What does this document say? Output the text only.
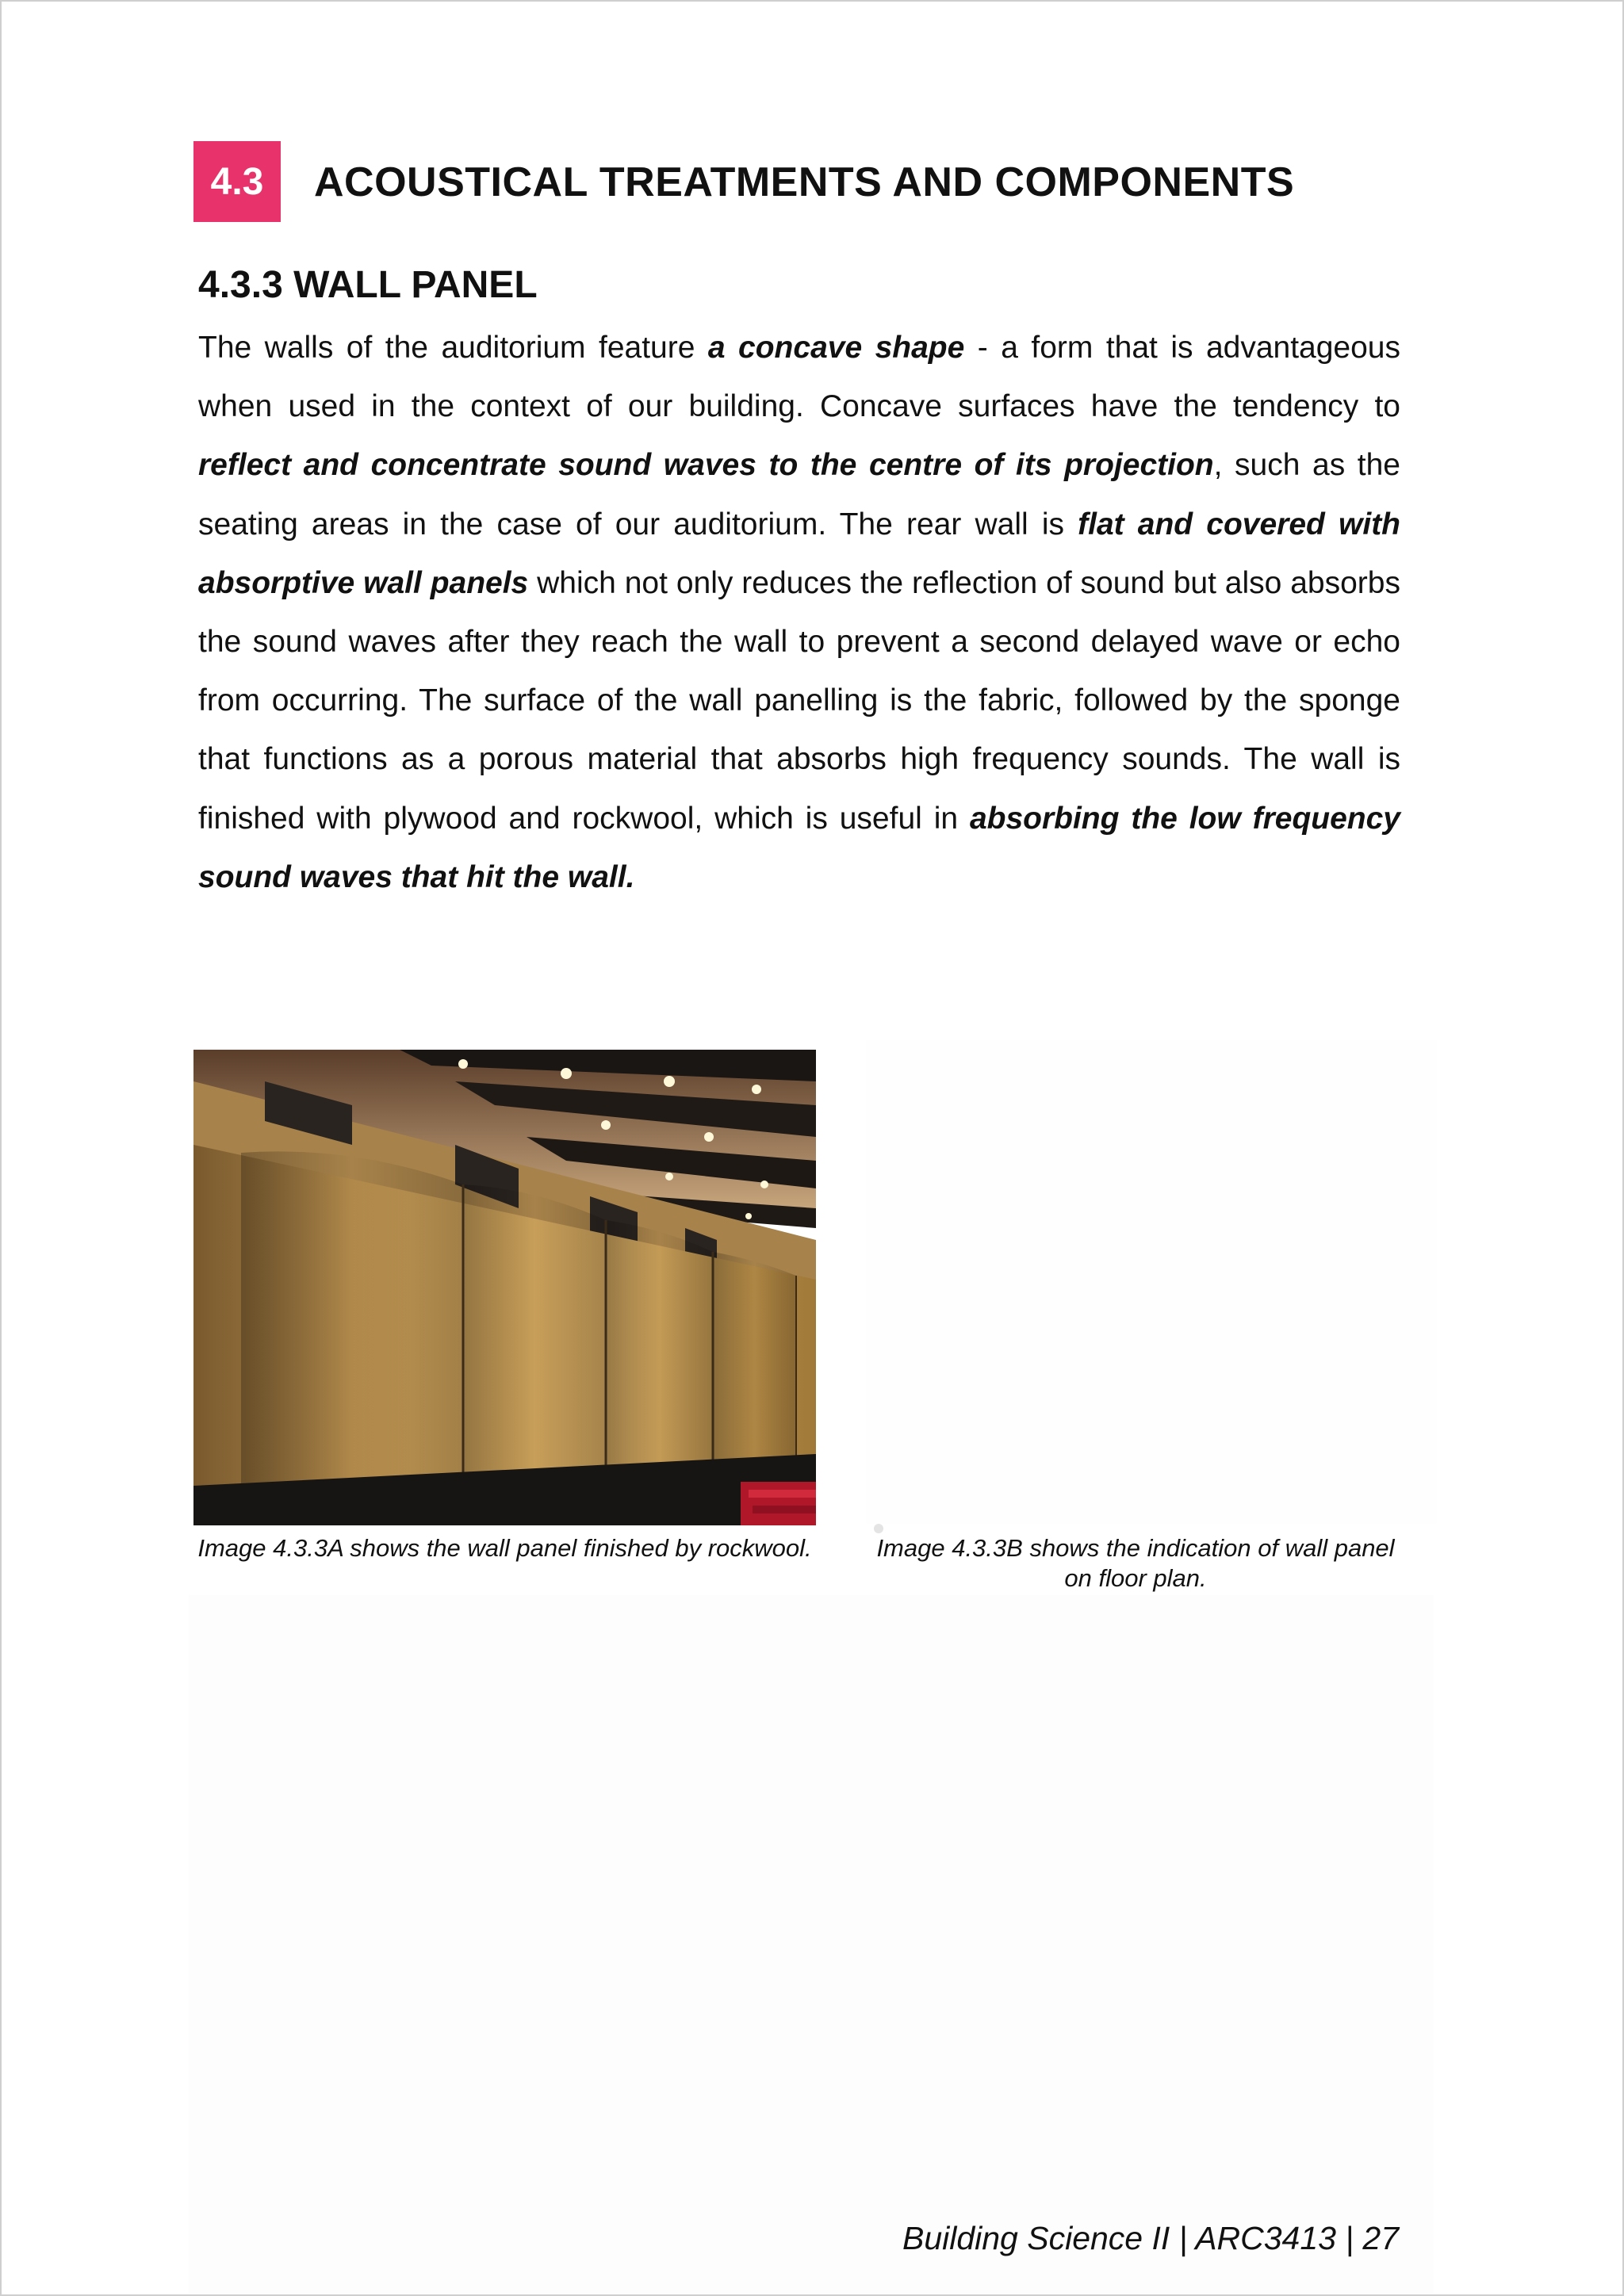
4.3	ACOUSTICAL TREATMENTS AND COMPONENTS
4.3.3 WALL PANEL

The walls of the auditorium feature a concave shape - a form that is advantageous when used in the context of our building. Concave surfaces have the tendency to reflect and concentrate sound waves to the centre of its projection, such as the seating areas in the case of our auditorium. The rear wall is flat and covered with absorptive wall panels which not only reduces the reflection of sound but also absorbs the sound waves after they reach the wall to prevent a second delayed wave or echo from occurring. The surface of the wall panelling is the fabric, followed by the sponge that functions as a porous material that absorbs high frequency sounds. The wall is finished with plywood and rockwool, which is useful in absorbing the low frequency sound waves that hit the wall.

Image 4.3.3A shows the wall panel finished by rockwool.	Image 4.3.3B shows the indication of wall panel on floor plan.
Building Science II | ARC3413 | 27
